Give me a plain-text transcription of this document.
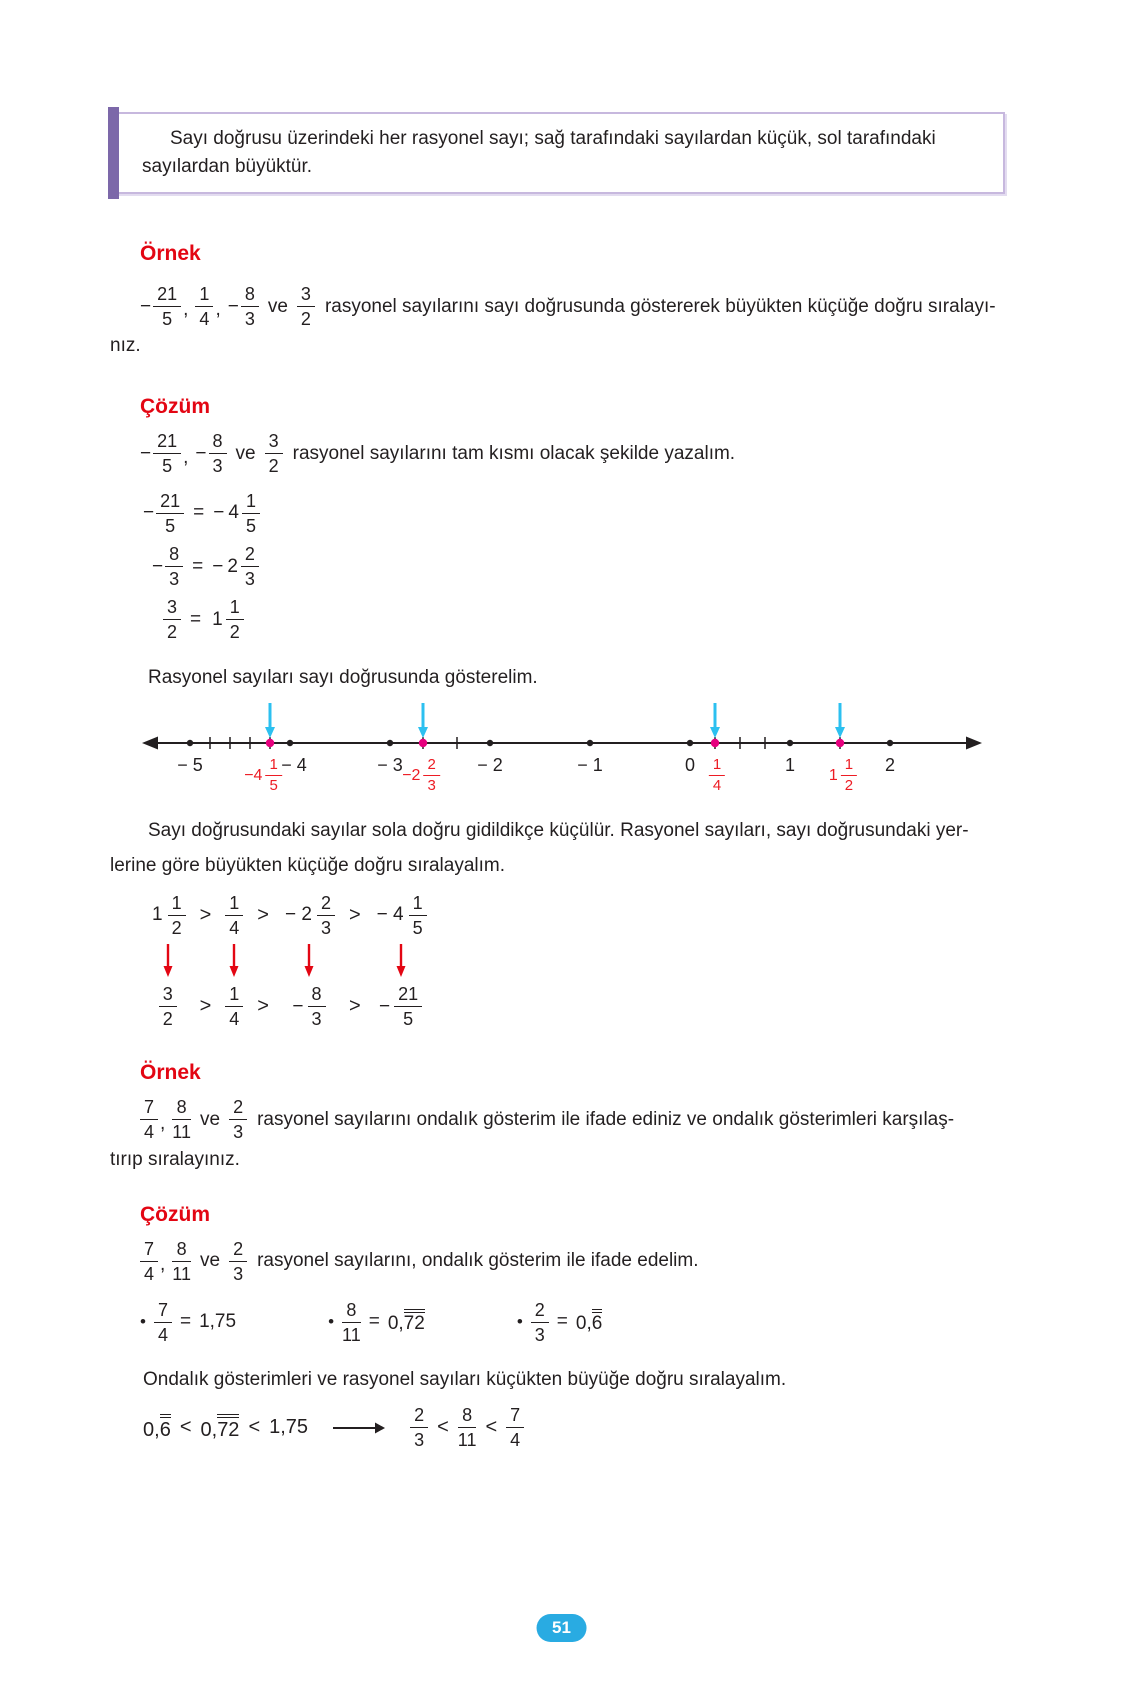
Sayı doğrusu üzerindeki her rasyonel sayı; sağ tarafındaki sayılardan küçük, sol tarafındaki sayılardan büyüktür.

Örnek
− $\frac{21}{5}$ , $\frac{1}{4}$ , − $\frac{8}{3}$ ve $\frac{3}{2}$ rasyonel sayılarını sayı doğrusunda göstererek büyükten küçüğe doğru sıralayı-
nız.
Çözüm
− $\frac{21}{5}$ , − $\frac{8}{3}$ ve $\frac{3}{2}$ rasyonel sayılarını tam kısmı olacak şekilde yazalım.
− $\frac{21}{5}$ = − $4 \frac{1}{5}$
− $\frac{8}{3}$ = − $2 \frac{2}{3}$
$\frac{3}{2} = 1 \frac{1}{2}$
Rasyonel sayıları sayı doğrusunda gösterelim.
− 5	− 4	− 3	− 2	− 1	0	1	2
$-4 \frac{1}{5}$	$-2 \frac{2}{3}$	$\frac{1}{4}$	$1 \frac{1}{2}$
Sayı doğrusundaki sayılar sola doğru gidildikçe küçülür. Rasyonel sayıları, sayı doğrusundaki yer-
lerine göre büyükten küçüğe doğru sıralayalım.
$1 \frac{1}{2} > \frac{1}{4}$ > − $2 \frac{2}{3}$ > − $4 \frac{1}{5}$
$\frac{3}{2} > \frac{1}{4}$ > − $\frac{8}{3}$ > − $\frac{21}{5}$
Örnek
$\frac{7}{4}$ , $\frac{8}{11}$ ve $\frac{2}{3}$ rasyonel sayılarını ondalık gösterim ile ifade ediniz ve ondalık gösterimleri karşılaş-
tırıp sıralayınız.
Çözüm
$\frac{7}{4}$ , $\frac{8}{11}$ ve $\frac{2}{3}$ rasyonel sayılarını, ondalık gösterim ile ifade edelim.
• $\frac{7}{4} = 1,75$	• $\frac{8}{11} = 0,72$	• $\frac{2}{3} = 0,6$
Ondalık gösterimleri ve rasyonel sayıları küçükten büyüğe doğru sıralayalım.
0,6 < 0,72 < 1,75	$\frac{2}{3} < \frac{8}{11} < \frac{7}{4}$
51
